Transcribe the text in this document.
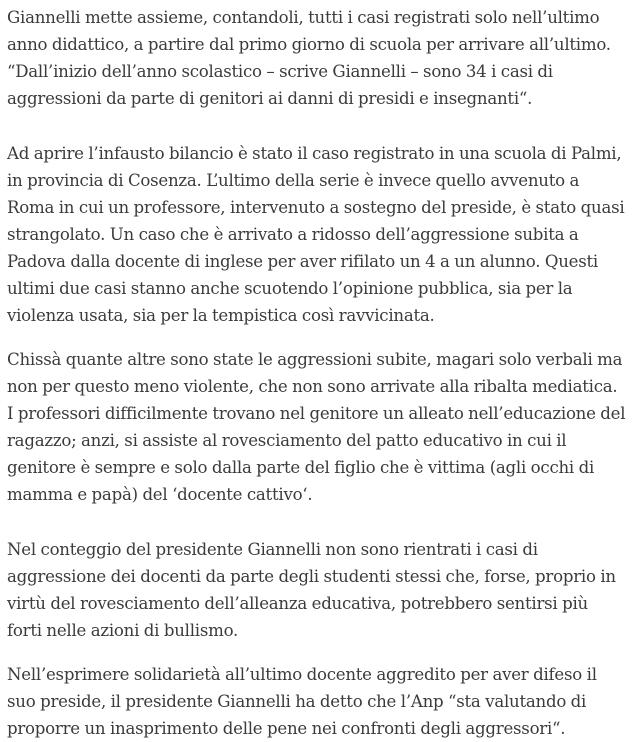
Giannelli mette assieme, contandoli, tutti i casi registrati solo nell’ultimo anno didattico, a partire dal primo giorno di scuola per arrivare all’ultimo. “Dall’inizio dell’anno scolastico – scrive Giannelli – sono 34 i casi di aggressioni da parte di genitori ai danni di presidi e insegnanti“.

Ad aprire l’infausto bilancio è stato il caso registrato in una scuola di Palmi, in provincia di Cosenza. L’ultimo della serie è invece quello avvenuto a Roma in cui un professore, intervenuto a sostegno del preside, è stato quasi strangolato. Un caso che è arrivato a ridosso dell’aggressione subita a Padova dalla docente di inglese per aver rifilato un 4 a un alunno. Questi ultimi due casi stanno anche scuotendo l’opinione pubblica, sia per la violenza usata, sia per la tempistica così ravvicinata.

Chissà quante altre sono state le aggressioni subite, magari solo verbali ma non per questo meno violente, che non sono arrivate alla ribalta mediatica. I professori difficilmente trovano nel genitore un alleato nell’educazione del ragazzo; anzi, si assiste al rovesciamento del patto educativo in cui il genitore è sempre e solo dalla parte del figlio che è vittima (agli occhi di mamma e papà) del ‘docente cattivo‘.

Nel conteggio del presidente Giannelli non sono rientrati i casi di aggressione dei docenti da parte degli studenti stessi che, forse, proprio in virtù del rovesciamento dell’alleanza educativa, potrebbero sentirsi più forti nelle azioni di bullismo.

Nell’esprimere solidarietà all’ultimo docente aggredito per aver difeso il suo preside, il presidente Giannelli ha detto che l’Anp “sta valutando di proporre un inasprimento delle pene nei confronti degli aggressori“.
